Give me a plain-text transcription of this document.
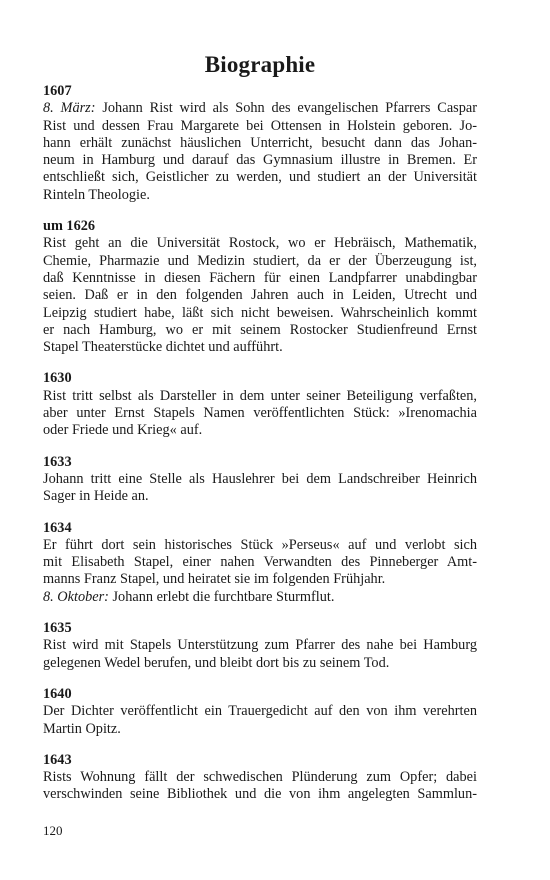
Biographie
1607
8. März: Johann Rist wird als Sohn des evangelischen Pfarrers Caspar
Rist und dessen Frau Margarete bei Ottensen in Holstein geboren. Jo-
hann erhält zunächst häuslichen Unterricht, besucht dann das Johan-
neum in Hamburg und darauf das Gymnasium illustre in Bremen. Er
entschließt sich, Geistlicher zu werden, und studiert an der Universität
Rinteln Theologie.
um 1626
Rist geht an die Universität Rostock, wo er Hebräisch, Mathematik,
Chemie, Pharmazie und Medizin studiert, da er der Überzeugung ist,
daß Kenntnisse in diesen Fächern für einen Landpfarrer unabdingbar
seien. Daß er in den folgenden Jahren auch in Leiden, Utrecht und
Leipzig studiert habe, läßt sich nicht beweisen. Wahrscheinlich kommt
er nach Hamburg, wo er mit seinem Rostocker Studienfreund Ernst
Stapel Theaterstücke dichtet und aufführt.
1630
Rist tritt selbst als Darsteller in dem unter seiner Beteiligung verfaßten,
aber unter Ernst Stapels Namen veröffentlichten Stück: »Irenomachia
oder Friede und Krieg« auf.
1633
Johann tritt eine Stelle als Hauslehrer bei dem Landschreiber Heinrich
Sager in Heide an.
1634
Er führt dort sein historisches Stück »Perseus« auf und verlobt sich
mit Elisabeth Stapel, einer nahen Verwandten des Pinneberger Amt-
manns Franz Stapel, und heiratet sie im folgenden Frühjahr.
8. Oktober: Johann erlebt die furchtbare Sturmflut.
1635
Rist wird mit Stapels Unterstützung zum Pfarrer des nahe bei Hamburg
gelegenen Wedel berufen, und bleibt dort bis zu seinem Tod.
1640
Der Dichter veröffentlicht ein Trauergedicht auf den von ihm verehrten
Martin Opitz.
1643
Rists Wohnung fällt der schwedischen Plünderung zum Opfer; dabei
verschwinden seine Bibliothek und die von ihm angelegten Sammlun-
120
